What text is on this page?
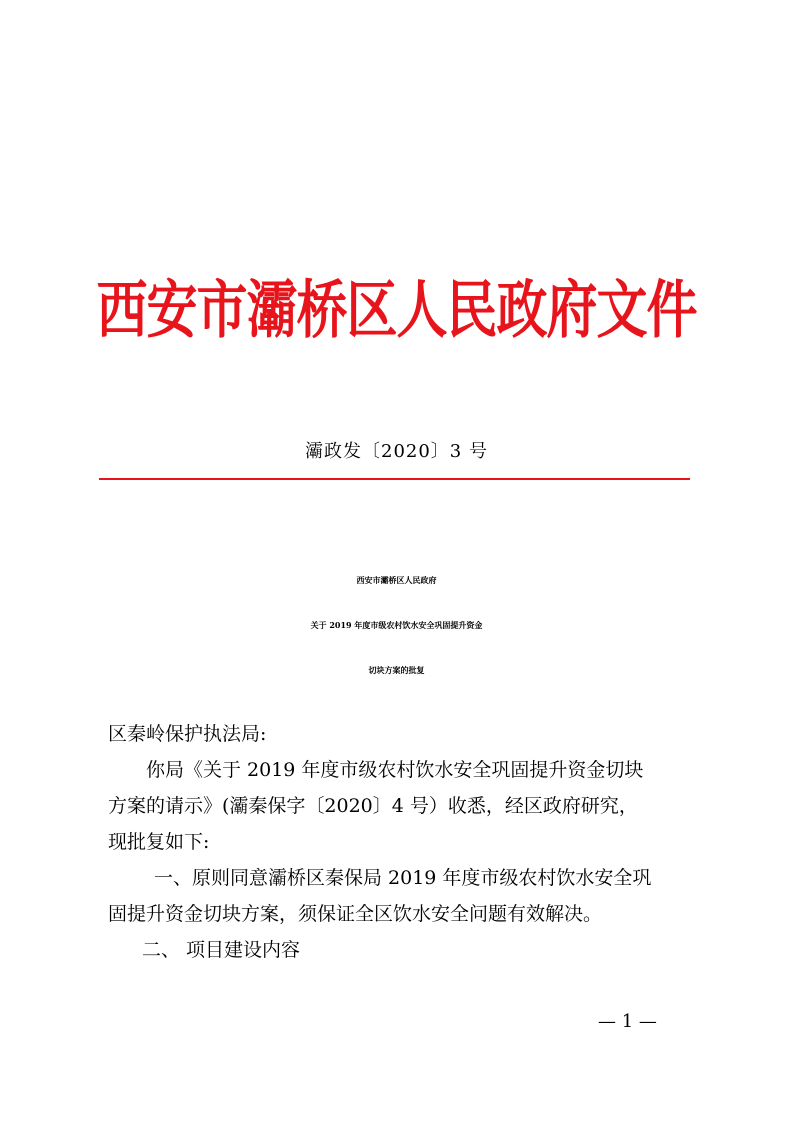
西安市灞桥区人民政府文件
灞政发〔2020〕3 号
西安市灞桥区人民政府
关于 2019 年度市级农村饮水安全巩固提升资金
切块方案的批复

区秦岭保护执法局:

你局《关于 2019 年度市级农村饮水安全巩固提升资金切块

方案的请示》(灞秦保字〔2020〕4 号）收悉，经区政府研究，

现批复如下:

一、原则同意灞桥区秦保局 2019 年度市级农村饮水安全巩

固提升资金切块方案，须保证全区饮水安全问题有效解决。

二、 项目建设内容

— 1 —
